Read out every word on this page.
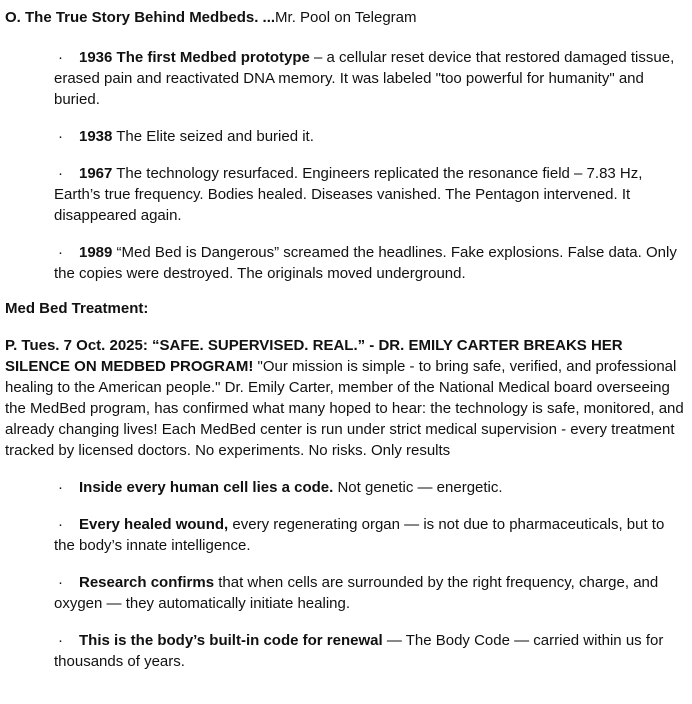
O. The True Story Behind Medbeds. ...Mr. Pool on Telegram

· 1936 The first Medbed prototype – a cellular reset device that restored damaged tissue, erased pain and reactivated DNA memory. It was labeled "too powerful for humanity" and buried.

· 1938 The Elite seized and buried it.

· 1967 The technology resurfaced. Engineers replicated the resonance field – 7.83 Hz, Earth’s true frequency. Bodies healed. Diseases vanished. The Pentagon intervened. It disappeared again.

· 1989 “Med Bed is Dangerous” screamed the headlines. Fake explosions. False data. Only the copies were destroyed. The originals moved underground.

Med Bed Treatment:

P. Tues. 7 Oct. 2025: “SAFE. SUPERVISED. REAL.” - DR. EMILY CARTER BREAKS HER SILENCE ON MEDBED PROGRAM! "Our mission is simple - to bring safe, verified, and professional healing to the American people." Dr. Emily Carter, member of the National Medical board overseeing the MedBed program, has confirmed what many hoped to hear: the technology is safe, monitored, and already changing lives! Each MedBed center is run under strict medical supervision - every treatment tracked by licensed doctors. No experiments. No risks. Only results

· Inside every human cell lies a code. Not genetic — energetic.

· Every healed wound, every regenerating organ — is not due to pharmaceuticals, but to the body’s innate intelligence.

· Research confirms that when cells are surrounded by the right frequency, charge, and oxygen — they automatically initiate healing.

· This is the body’s built-in code for renewal — The Body Code — carried within us for thousands of years.
